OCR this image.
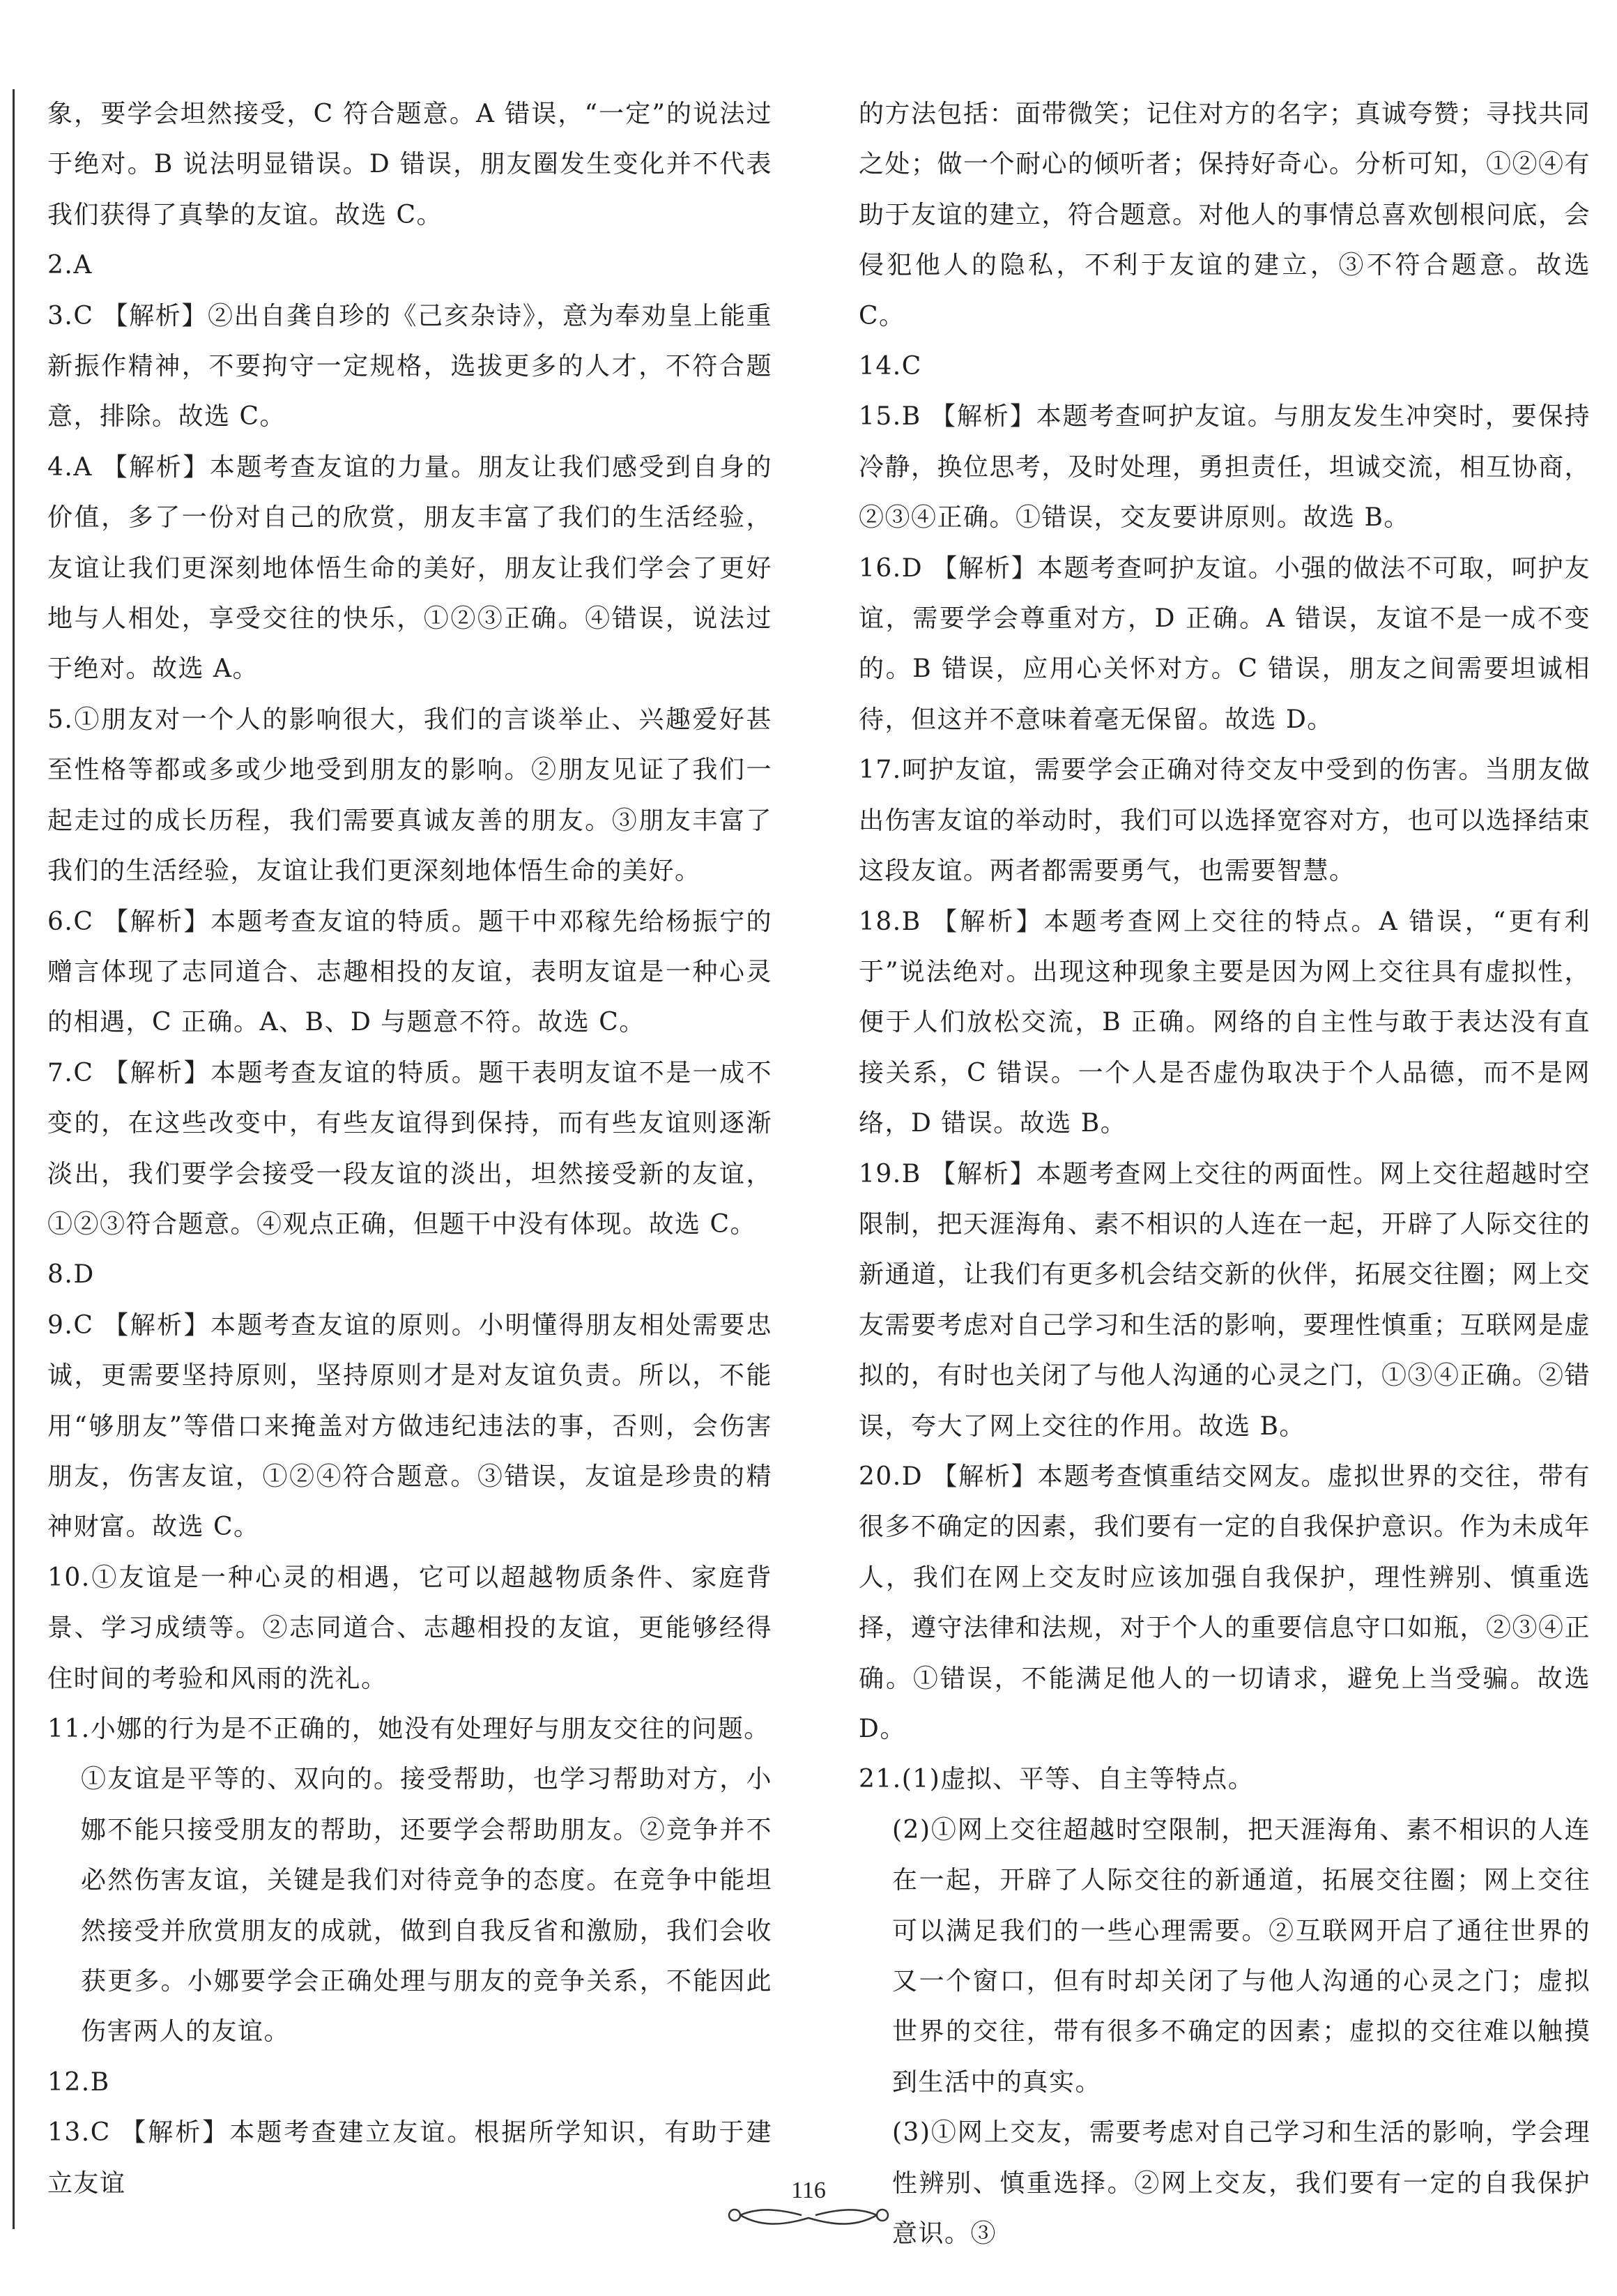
象，要学会坦然接受，C 符合题意。A 错误，“一定”的说法过于绝对。B 说法明显错误。D 错误，朋友圈发生变化并不代表我们获得了真挚的友谊。故选 C。

2.A

3.C 【解析】②出自龚自珍的《己亥杂诗》，意为奉劝皇上能重新振作精神，不要拘守一定规格，选拔更多的人才，不符合题意，排除。故选 C。

4.A 【解析】本题考查友谊的力量。朋友让我们感受到自身的价值，多了一份对自己的欣赏，朋友丰富了我们的生活经验，友谊让我们更深刻地体悟生命的美好，朋友让我们学会了更好地与人相处，享受交往的快乐，①②③正确。④错误，说法过于绝对。故选 A。

5.①朋友对一个人的影响很大，我们的言谈举止、兴趣爱好甚至性格等都或多或少地受到朋友的影响。②朋友见证了我们一起走过的成长历程，我们需要真诚友善的朋友。③朋友丰富了我们的生活经验，友谊让我们更深刻地体悟生命的美好。

6.C 【解析】本题考查友谊的特质。题干中邓稼先给杨振宁的赠言体现了志同道合、志趣相投的友谊，表明友谊是一种心灵的相遇，C 正确。A、B、D 与题意不符。故选 C。

7.C 【解析】本题考查友谊的特质。题干表明友谊不是一成不变的，在这些改变中，有些友谊得到保持，而有些友谊则逐渐淡出，我们要学会接受一段友谊的淡出，坦然接受新的友谊，①②③符合题意。④观点正确，但题干中没有体现。故选 C。

8.D

9.C 【解析】本题考查友谊的原则。小明懂得朋友相处需要忠诚，更需要坚持原则，坚持原则才是对友谊负责。所以，不能用“够朋友”等借口来掩盖对方做违纪违法的事，否则，会伤害朋友，伤害友谊，①②④符合题意。③错误，友谊是珍贵的精神财富。故选 C。

10.①友谊是一种心灵的相遇，它可以超越物质条件、家庭背景、学习成绩等。②志同道合、志趣相投的友谊，更能够经得住时间的考验和风雨的洗礼。

11.小娜的行为是不正确的，她没有处理好与朋友交往的问题。

①友谊是平等的、双向的。接受帮助，也学习帮助对方，小娜不能只接受朋友的帮助，还要学会帮助朋友。②竞争并不必然伤害友谊，关键是我们对待竞争的态度。在竞争中能坦然接受并欣赏朋友的成就，做到自我反省和激励，我们会收获更多。小娜要学会正确处理与朋友的竞争关系，不能因此伤害两人的友谊。

12.B

13.C 【解析】本题考查建立友谊。根据所学知识，有助于建立友谊

的方法包括：面带微笑；记住对方的名字；真诚夸赞；寻找共同之处；做一个耐心的倾听者；保持好奇心。分析可知，①②④有助于友谊的建立，符合题意。对他人的事情总喜欢刨根问底，会侵犯他人的隐私，不利于友谊的建立，③不符合题意。故选 C。

14.C

15.B 【解析】本题考查呵护友谊。与朋友发生冲突时，要保持冷静，换位思考，及时处理，勇担责任，坦诚交流，相互协商，②③④正确。①错误，交友要讲原则。故选 B。

16.D 【解析】本题考查呵护友谊。小强的做法不可取，呵护友谊，需要学会尊重对方，D 正确。A 错误，友谊不是一成不变的。B 错误，应用心关怀对方。C 错误，朋友之间需要坦诚相待，但这并不意味着毫无保留。故选 D。

17.呵护友谊，需要学会正确对待交友中受到的伤害。当朋友做出伤害友谊的举动时，我们可以选择宽容对方，也可以选择结束这段友谊。两者都需要勇气，也需要智慧。

18.B 【解析】本题考查网上交往的特点。A 错误，“更有利于”说法绝对。出现这种现象主要是因为网上交往具有虚拟性，便于人们放松交流，B 正确。网络的自主性与敢于表达没有直接关系，C 错误。一个人是否虚伪取决于个人品德，而不是网络，D 错误。故选 B。

19.B 【解析】本题考查网上交往的两面性。网上交往超越时空限制，把天涯海角、素不相识的人连在一起，开辟了人际交往的新通道，让我们有更多机会结交新的伙伴，拓展交往圈；网上交友需要考虑对自己学习和生活的影响，要理性慎重；互联网是虚拟的，有时也关闭了与他人沟通的心灵之门，①③④正确。②错误，夸大了网上交往的作用。故选 B。

20.D 【解析】本题考查慎重结交网友。虚拟世界的交往，带有很多不确定的因素，我们要有一定的自我保护意识。作为未成年人，我们在网上交友时应该加强自我保护，理性辨别、慎重选择，遵守法律和法规，对于个人的重要信息守口如瓶，②③④正确。①错误，不能满足他人的一切请求，避免上当受骗。故选 D。

21.(1)虚拟、平等、自主等特点。

(2)①网上交往超越时空限制，把天涯海角、素不相识的人连在一起，开辟了人际交往的新通道，拓展交往圈；网上交往可以满足我们的一些心理需要。②互联网开启了通往世界的又一个窗口，但有时却关闭了与他人沟通的心灵之门；虚拟世界的交往，带有很多不确定的因素；虚拟的交往难以触摸到生活中的真实。

(3)①网上交友，需要考虑对自己学习和生活的影响，学会理性辨别、慎重选择。②网上交友，我们要有一定的自我保护意识。③

116
